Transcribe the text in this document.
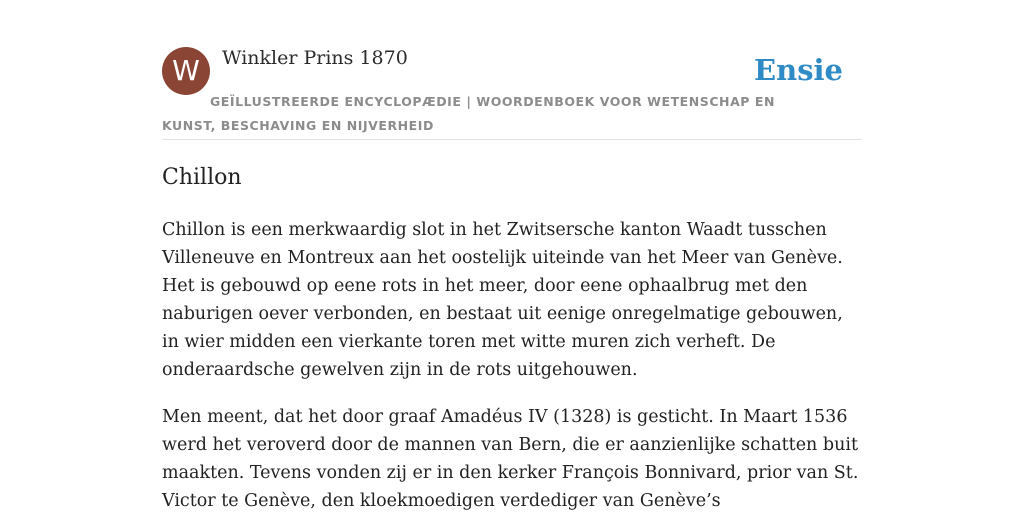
W	Winkler Prins 1870
GEÏLLUSTREERDE ENCYCLOPÆDIE | WOORDENBOEK VOOR WETENSCHAP EN KUNST, BESCHAVING EN NIJVERHEID
Ensie
Chillon

Chillon is een merkwaardig slot in het Zwitsersche kanton Waadt tusschen Villeneuve en Montreux aan het oostelijk uiteinde van het Meer van Genève. Het is gebouwd op eene rots in het meer, door eene ophaalbrug met den naburigen oever verbonden, en bestaat uit eenige onregelmatige gebouwen, in wier midden een vierkante toren met witte muren zich verheft. De onderaardsche gewelven zijn in de rots uitgehouwen.

Men meent, dat het door graaf Amadéus IV (1328) is gesticht. In Maart 1536 werd het veroverd door de mannen van Bern, die er aanzienlijke schatten buit maakten. Tevens vonden zij er in den kerker François Bonnivard, prior van St. Victor te Genève, den kloekmoedigen verdediger van Genève’s
